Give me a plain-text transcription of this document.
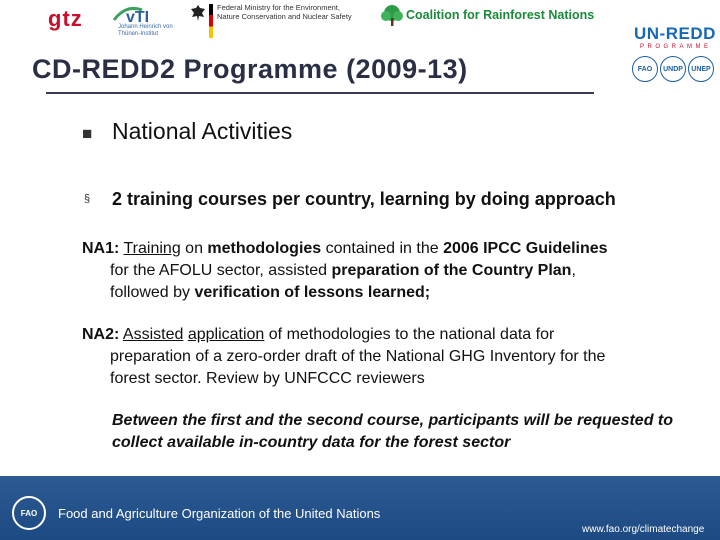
gtz	vTI
Johann Heinrich von Thünen-Institut
Federal Ministry for the Environment, Nature Conservation and Nuclear Safety	Coalition for Rainforest Nations
UN-REDD
PROGRAMME
FAO	UNDP	UNEP
CD-REDD2 Programme (2009-13)
■ National Activities
§ 2 training courses per country, learning by doing approach
NA1: Training on methodologies contained in the 2006 IPCC Guidelines
for the AFOLU sector, assisted preparation of the Country Plan,
followed by verification of lessons learned;
NA2: Assisted application of methodologies to the national data for
preparation of a zero-order draft of the National GHG Inventory for the
forest sector. Review by UNFCCC reviewers
Between the first and the second course, participants will be requested to collect available in-country data for the forest sector
FAO	Food and Agriculture Organization of the United Nations
www.fao.org/climatechange
